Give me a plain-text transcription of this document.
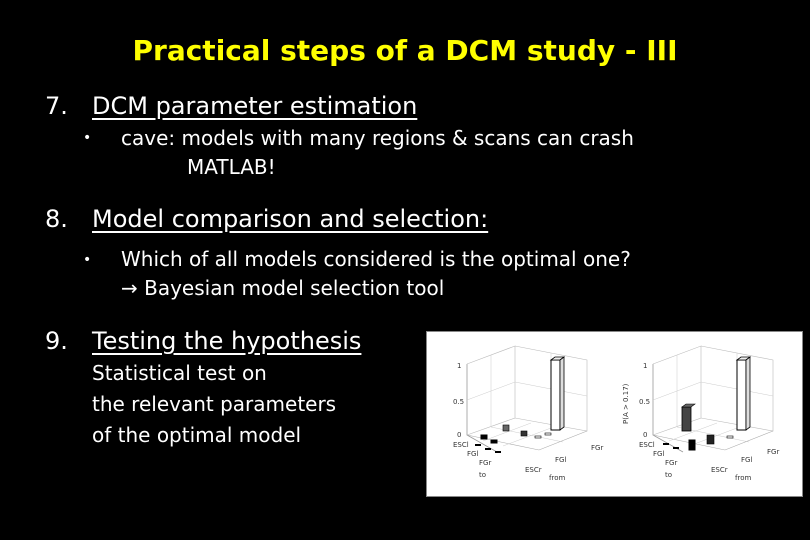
Practical steps of a DCM study - III
7. DCM parameter estimation
• cave: models with many regions & scans can crash
MATLAB!
8. Model comparison and selection:
• Which of all models considered is the optimal one?
→ Bayesian model selection tool
9. Testing the hypothesis
Statistical test on
the relevant parameters
of the optimal model
1
0.5
0
ESCl
FGl
FGr
ESCr
FGl
FGr
to	from
1
0.5
0
ESCl
FGl
FGr
ESCr
FGl
FGr
to	from
P(A > 0.17)
